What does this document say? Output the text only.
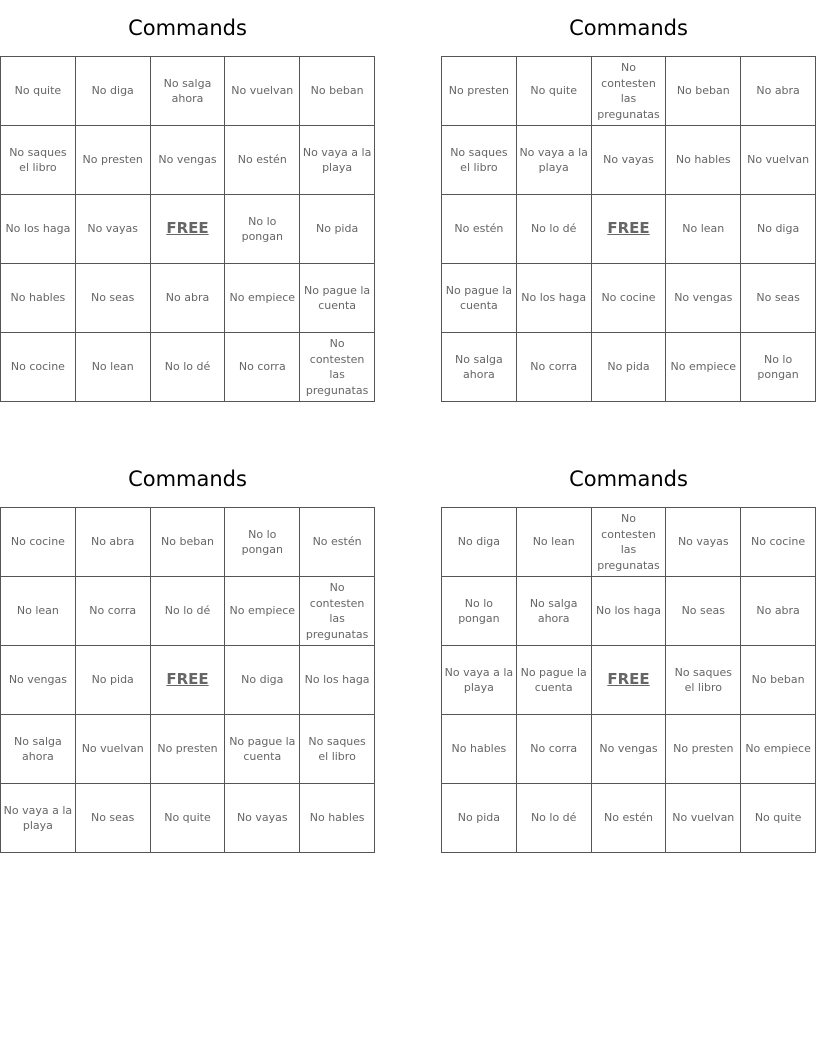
Commands
No quite	No diga	No salga ahora	No vuelvan	No beban
No saques el libro	No presten	No vengas	No estén	No vaya a la playa
No los haga	No vayas	FREE	No lo pongan	No pida
No hables	No seas	No abra	No empiece	No pague la cuenta
No cocine	No lean	No lo dé	No corra	No contesten las pregunatas
Commands
No presten	No quite	No contesten las pregunatas	No beban	No abra
No saques el libro	No vaya a la playa	No vayas	No hables	No vuelvan
No estén	No lo dé	FREE	No lean	No diga
No pague la cuenta	No los haga	No cocine	No vengas	No seas
No salga ahora	No corra	No pida	No empiece	No lo pongan
Commands
No cocine	No abra	No beban	No lo pongan	No estén
No lean	No corra	No lo dé	No empiece	No contesten las pregunatas
No vengas	No pida	FREE	No diga	No los haga
No salga ahora	No vuelvan	No presten	No pague la cuenta	No saques el libro
No vaya a la playa	No seas	No quite	No vayas	No hables
Commands
No diga	No lean	No contesten las pregunatas	No vayas	No cocine
No lo pongan	No salga ahora	No los haga	No seas	No abra
No vaya a la playa	No pague la cuenta	FREE	No saques el libro	No beban
No hables	No corra	No vengas	No presten	No empiece
No pida	No lo dé	No estén	No vuelvan	No quite
